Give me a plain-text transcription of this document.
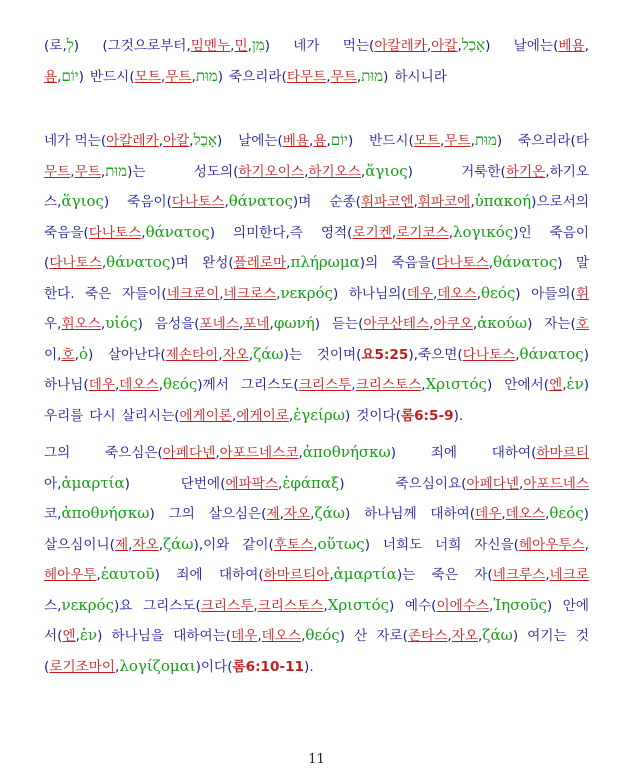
(로,לְ) (그것으로부터,밈멘누,민,מִן) 네가 먹는(아칼레카,아칼,אָכַל) 날에는(베욤,
욤,יוֹם) 반드시(모트,무트,מוּת) 죽으리라(타무트,무트,מוּת) 하시니라
네가 먹는(아칼레카,아칼,אָכַל) 날에는(베욤,욤,יוֹם) 반드시(모트,무트,מוּת) 죽으리라(타
무트,무트,מוּת)는	성도의(하기오이스,하기오스,ἅγιος)	거룩한(하기온,하기오
스,ἅγιος) 죽음이(다나토스,θάνατος)며 순종(휘파코엔,휘파코에,ὑπακοή)으로서의
죽음을(다나토스,θάνατος) 의미한다,즉 영적(로기켄,로기코스,λογικός)인 죽음이
(다나토스,θάνατος)며 완성(플레로마,πλήρωμα)의 죽음을(다나토스,θάνατος) 말
한다. 죽은 자들이(네크로이,네크로스,νεκρός) 하나님의(데우,데오스,θεός) 아들의(휘
우,휘오스,υἱός) 음성을(포네스,포네,φωνή) 듣는(아쿠산테스,아쿠오,ἀκούω) 자는(호
이,호,ὁ) 살아난다(제손타이,자오,ζάω)는 것이며(요5:25),죽으면(다나토스,θάνατος)
하나님(데우,데오스,θεός)께서 그리스도(크리스투,크리스토스,Χριστός) 안에서(엔,ἐν)
우리를 다시 살리시는(에게이론,에게이로,ἐγείρω) 것이다(롬6:5-9).
그의	죽으심은(아페다넨,아포드네스코,ἀποθνήσκω)	죄에	대하여(하마르티
아,ἁμαρτία)	단번에(에파팍스,ἐφάπαξ)	죽으심이요(아페다넨,아포드네스
코,ἀποθνήσκω) 그의 살으심은(제,자오,ζάω) 하나님께 대하여(데우,데오스,θεός)
살으심이니(제,자오,ζάω),이와 같이(후토스,οὕτως) 너희도 너희 자신을(헤아우투스,
헤아우투,ἑαυτοῦ) 죄에 대하여(하마르티아,ἁμαρτία)는 죽은 자(네크루스,네크로
스,νεκρός)요 그리스도(크리스투,크리스토스,Χριστός) 예수(이에수스,Ἰησοῦς) 안에
서(엔,ἐν) 하나님을 대하여는(데우,데오스,θεός) 산 자로(존타스,자오,ζάω) 여기는 것
(로기조마이,λογίζομαι)이다(롬6:10-11).
11
